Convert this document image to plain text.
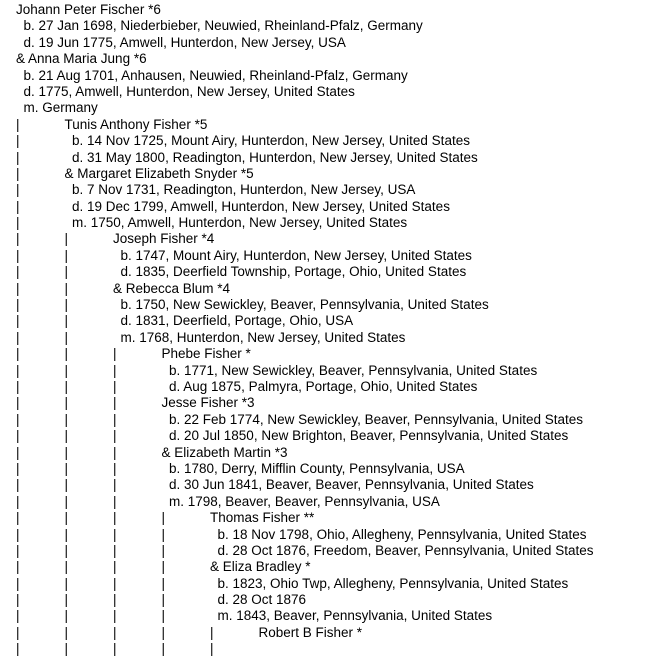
Johann Peter Fischer *6
b. 27 Jan 1698, Niederbieber, Neuwied, Rheinland-Pfalz, Germany
d. 19 Jun 1775, Amwell, Hunterdon, New Jersey, USA
& Anna Maria Jung *6
b. 21 Aug 1701, Anhausen, Neuwied, Rheinland-Pfalz, Germany
d. 1775, Amwell, Hunterdon, New Jersey, United States
m. Germany
|	Tunis Anthony Fisher *5
|	b. 14 Nov 1725, Mount Airy, Hunterdon, New Jersey, United States
|	d. 31 May 1800, Readington, Hunterdon, New Jersey, United States
|	& Margaret Elizabeth Snyder *5
|	b. 7 Nov 1731, Readington, Hunterdon, New Jersey, USA
|	d. 19 Dec 1799, Amwell, Hunterdon, New Jersey, United States
|	m. 1750, Amwell, Hunterdon, New Jersey, United States
|	|	Joseph Fisher *4
|	|	b. 1747, Mount Airy, Hunterdon, New Jersey, United States
|	|	d. 1835, Deerfield Township, Portage, Ohio, United States
|	|	& Rebecca Blum *4
|	|	b. 1750, New Sewickley, Beaver, Pennsylvania, United States
|	|	d. 1831, Deerfield, Portage, Ohio, USA
|	|	m. 1768, Hunterdon, New Jersey, United States
|	|	|	Phebe Fisher *
|	|	|	b. 1771, New Sewickley, Beaver, Pennsylvania, United States
|	|	|	d. Aug 1875, Palmyra, Portage, Ohio, United States
|	|	|	Jesse Fisher *3
|	|	|	b. 22 Feb 1774, New Sewickley, Beaver, Pennsylvania, United States
|	|	|	d. 20 Jul 1850, New Brighton, Beaver, Pennsylvania, United States
|	|	|	& Elizabeth Martin *3
|	|	|	b. 1780, Derry, Mifflin County, Pennsylvania, USA
|	|	|	d. 30 Jun 1841, Beaver, Beaver, Pennsylvania, United States
|	|	|	m. 1798, Beaver, Beaver, Pennsylvania, USA
|	|	|	|	Thomas Fisher **
|	|	|	|	b. 18 Nov 1798, Ohio, Allegheny, Pennsylvania, United States
|	|	|	|	d. 28 Oct 1876, Freedom, Beaver, Pennsylvania, United States
|	|	|	|	& Eliza Bradley *
|	|	|	|	b. 1823, Ohio Twp, Allegheny, Pennsylvania, United States
|	|	|	|	d. 28 Oct 1876
|	|	|	|	m. 1843, Beaver, Pennsylvania, United States
|	|	|	|	|	Robert B Fisher *
|	|	|	|	|	
